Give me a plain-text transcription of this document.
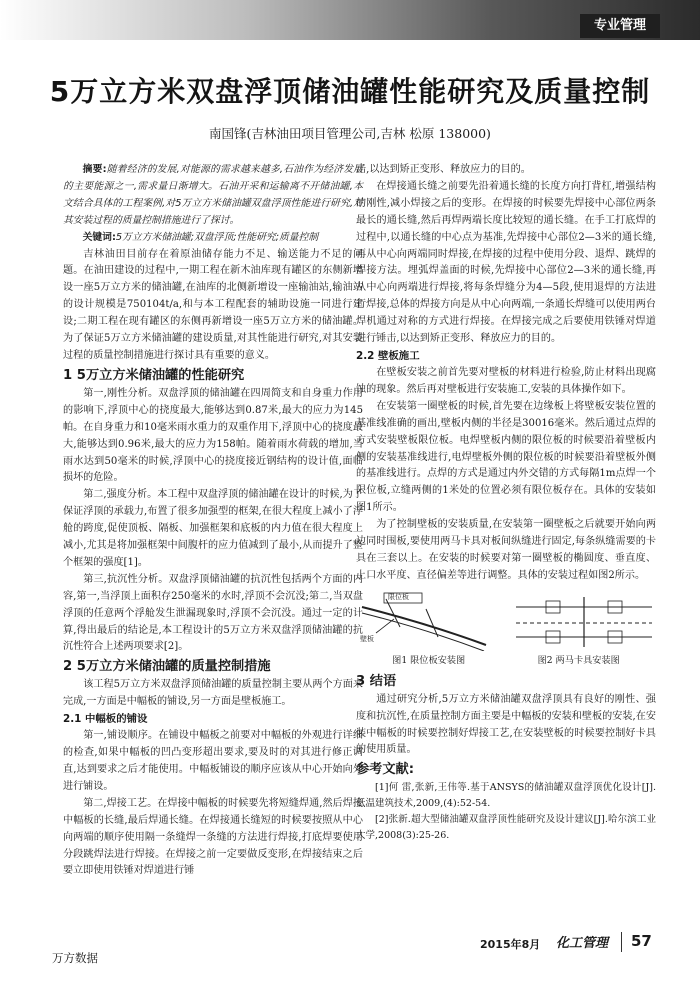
专业管理
5万立方米双盘浮顶储油罐性能研究及质量控制
南国锋(吉林油田项目管理公司,吉林 松原 138000)

摘要:随着经济的发展,对能源的需求越来越多,石油作为经济发展的主要能源之一,需求量日渐增大。石油开采和运输离不开储油罐,本文结合具体的工程案例,对5万立方米储油罐双盘浮顶性能进行研究,对其安装过程的质量控制措施进行了探讨。

关键词:5万立方米储油罐;双盘浮顶;性能研究;质量控制

吉林油田目前存在着原油储存能力不足、输送能力不足的问题。在油田建设的过程中,一期工程在新木油库现有罐区的东侧新增设一座5万立方米的储油罐,在油库的北侧新增设一座输油站,输油站的设计规模是750104t/a,和与本工程配套的辅助设施一同进行建设;二期工程在现有罐区的东侧再新增设一座5万立方米的储油罐。为了保证5万立方米储油罐的建设质量,对其性能进行研究,对其安装过程的质量控制措施进行探讨具有重要的意义。

1 5万立方米储油罐的性能研究

第一,刚性分析。双盘浮顶的储油罐在四周简支和自身重力作用的影响下,浮顶中心的挠度最大,能够达到0.87米,最大的应力为145帕。在自身重力和10毫米雨水重力的双重作用下,浮顶中心的挠度最大,能够达到0.96米,最大的应力为158帕。随着雨水荷载的增加,当雨水达到50毫米的时候,浮顶中心的挠度接近钢结构的设计值,面临损坏的危险。

第二,强度分析。本工程中双盘浮顶的储油罐在设计的时候,为了保证浮顶的承载力,布置了很多加强型的框架,在很大程度上减小了浮舱的跨度,促使顶板、隔板、加强框架和底板的内力值在很大程度上减小,尤其是将加强框架中间腹杆的应力值减到了最小,从而提升了整个框架的强度[1]。

第三,抗沉性分析。双盘浮顶储油罐的抗沉性包括两个方面的内容,第一,当浮顶上面积存250毫米的水时,浮顶不会沉没;第二,当双盘浮顶的任意两个浮舱发生泄漏现象时,浮顶不会沉没。通过一定的计算,得出最后的结论是,本工程设计的5万立方米双盘浮顶储油罐的抗沉性符合上述两项要求[2]。

2 5万立方米储油罐的质量控制措施

该工程5万立方米双盘浮顶储油罐的质量控制主要从两个方面来完成,一方面是中幅板的铺设,另一方面是壁板施工。

2.1 中幅板的铺设

第一,铺设顺序。在铺设中幅板之前要对中幅板的外观进行详细的检查,如果中幅板的凹凸变形超出要求,要及时的对其进行修正调直,达到要求之后才能使用。中幅板铺设的顺序应该从中心开始向外进行铺设。

第二,焊接工艺。在焊接中幅板的时候要先将短缝焊通,然后焊接中幅板的长缝,最后焊通长缝。在焊接通长缝短的时候要按照从中心向两端的顺序使用隔一条缝焊一条缝的方法进行焊接,打底焊要使用分段跳焊法进行焊接。在焊接之前一定要做反变形,在焊接结束之后要立即使用铁锤对焊道进行锤

击,以达到矫正变形、释放应力的目的。

在焊接通长缝之前要先沿着通长缝的长度方向打背杠,增强结构的刚性,减小焊接之后的变形。在焊接的时候要先焊接中心部位两条最长的通长缝,然后再焊两端长度比较短的通长缝。在手工打底焊的过程中,以通长缝的中心点为基准,先焊接中心部位2—3米的通长缝,再从中心向两端同时焊接,在焊接的过程中使用分段、退焊、跳焊的焊接方法。埋弧焊盖面的时候,先焊接中心部位2—3米的通长缝,再从中心向两端进行焊接,将每条焊缝分为4—5段,使用退焊的方法进行焊接,总体的焊接方向是从中心向两端,一条通长焊缝可以使用两台焊机通过对称的方式进行焊接。在焊接完成之后要使用铁锤对焊道进行锤击,以达到矫正变形、释放应力的目的。

2.2 壁板施工

在壁板安装之前首先要对壁板的材料进行检验,防止材料出现腐蚀的现象。然后再对壁板进行安装施工,安装的具体操作如下。

在安装第一圈壁板的时候,首先要在边缘板上将壁板安装位置的基准线准确的画出,壁板内侧的半径是30016毫米。然后通过点焊的方式安装壁板限位板。电焊壁板内侧的限位板的时候要沿着壁板内侧的安装基准线进行,电焊壁板外侧的限位板的时候要沿着壁板外侧的基准线进行。点焊的方式是通过内外交错的方式每隔1m点焊一个限位板,立缝两侧的1米处的位置必须有限位板存在。具体的安装如图1所示。

为了控制壁板的安装质量,在安装第一圈壁板之后就要开始向两边同时围板,要使用两马卡具对板间纵缝进行固定,每条纵缝需要的卡具在三套以上。在安装的时候要对第一圈壁板的椭圆度、垂直度、上口水平度、直径偏差等进行调整。具体的安装过程如图2所示。

限位板
壁板
图1 限位板安装图	图2 两马卡具安装图
3 结语

通过研究分析,5万立方米储油罐双盘浮顶具有良好的刚性、强度和抗沉性,在质量控制方面主要是中幅板的安装和壁板的安装,在安装中幅板的时候要控制好焊接工艺,在安装壁板的时候要控制好卡具的使用质量。

参考文献:

[1]何 雷,张新,王伟等.基于ANSYS的储油罐双盘浮顶优化设计[J].低温建筑技术,2009,(4):52-54.

[2]张新.超大型储油罐双盘浮顶性能研究及设计建议[J].哈尔滨工业大学,2008(3):25-26.

2015年8月 化工管理 57
万方数据
